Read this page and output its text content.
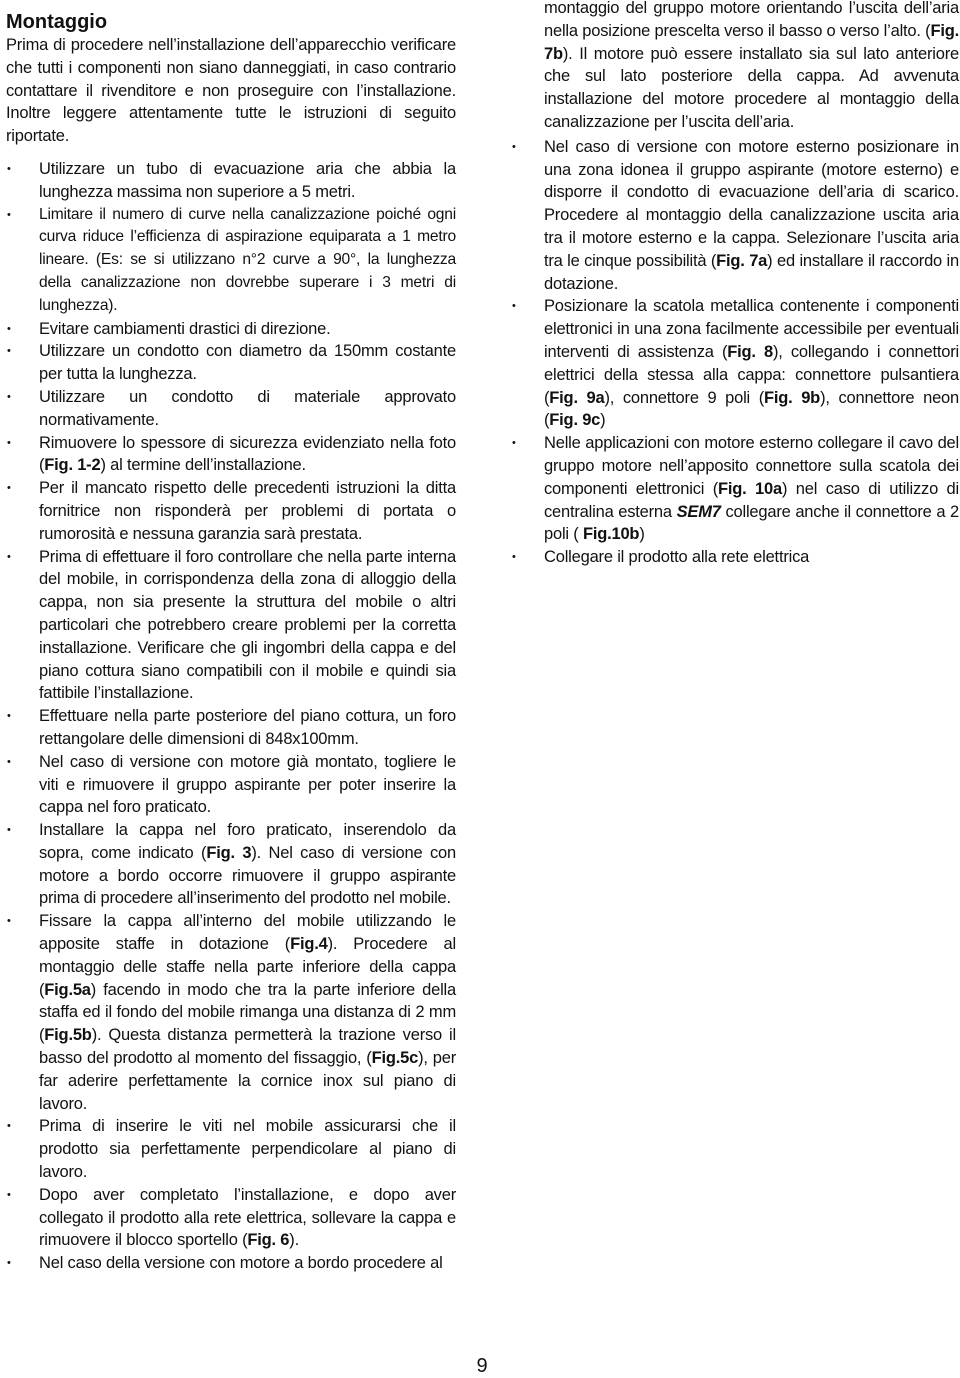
Montaggio

Prima di procedere nell’installazione dell’apparecchio verificare che tutti i componenti non siano danneggiati, in caso contrario contattare il rivenditore e non proseguire con l’installazione. Inoltre leggere attentamente tutte le istruzioni di seguito riportate.

• Utilizzare un tubo di evacuazione aria che abbia la lunghezza massima non superiore a 5 metri.
• Limitare il numero di curve nella canalizzazione poiché ogni curva riduce l’efficienza di aspirazione equiparata a 1 metro lineare. (Es: se si utilizzano n°2 curve a 90°, la lunghezza della canalizzazione non dovrebbe superare i 3 metri di lunghezza).
• Evitare cambiamenti drastici di direzione.
• Utilizzare un condotto con diametro da 150mm costante per tutta la lunghezza.
• Utilizzare un condotto di materiale approvato normativamente.
• Rimuovere lo spessore di sicurezza evidenziato nella foto (Fig. 1-2) al termine dell’installazione.
• Per il mancato rispetto delle precedenti istruzioni la ditta fornitrice non risponderà per problemi di portata o rumorosità e nessuna garanzia sarà prestata.
• Prima di effettuare il foro controllare che nella parte interna del mobile, in corrispondenza della zona di alloggio della cappa, non sia presente la struttura del mobile o altri particolari che potrebbero creare problemi per la corretta installazione. Verificare che gli ingombri della cappa e del piano cottura siano compatibili con il mobile e quindi sia fattibile l’installazione.
• Effettuare nella parte posteriore del piano cottura, un foro rettangolare delle dimensioni di 848x100mm.
• Nel caso di versione con motore già montato, togliere le viti e rimuovere il gruppo aspirante per poter inserire la cappa nel foro praticato.
• Installare la cappa nel foro praticato, inserendolo da sopra, come indicato (Fig. 3). Nel caso di versione con motore a bordo occorre rimuovere il gruppo aspirante prima di procedere all’inserimento del prodotto nel mobile.
• Fissare la cappa all’interno del mobile utilizzando le apposite staffe in dotazione (Fig.4). Procedere al montaggio delle staffe nella parte inferiore della cappa (Fig.5a) facendo in modo che tra la parte inferiore della staffa ed il fondo del mobile rimanga una distanza di 2 mm (Fig.5b). Questa distanza permetterà la trazione verso il basso del prodotto al momento del fissaggio, (Fig.5c), per far aderire perfettamente la cornice inox sul piano di lavoro.
• Prima di inserire le viti nel mobile assicurarsi che il prodotto sia perfettamente perpendicolare al piano di lavoro.
• Dopo aver completato l’installazione, e dopo aver collegato il prodotto alla rete elettrica, sollevare la cappa e rimuovere il blocco sportello (Fig. 6).
• Nel caso della versione con motore a bordo procedere al

montaggio del gruppo motore orientando l’uscita dell’aria nella posizione prescelta verso il basso o verso l’alto. (Fig. 7b). Il motore può essere installato sia sul lato anteriore che sul lato posteriore della cappa. Ad avvenuta installazione del motore procedere al montaggio della canalizzazione per l’uscita dell’aria.

• Nel caso di versione con motore esterno posizionare in una zona idonea il gruppo aspirante (motore esterno) e disporre il condotto di evacuazione dell’aria di scarico. Procedere al montaggio della canalizzazione uscita aria tra il motore esterno e la cappa. Selezionare l’uscita aria tra le cinque possibilità (Fig. 7a) ed installare il raccordo in dotazione.
• Posizionare la scatola metallica contenente i componenti elettronici in una zona facilmente accessibile per eventuali interventi di assistenza (Fig. 8), collegando i connettori elettrici della stessa alla cappa: connettore pulsantiera (Fig. 9a), connettore 9 poli (Fig. 9b), connettore neon (Fig. 9c)
• Nelle applicazioni con motore esterno collegare il cavo del gruppo motore nell’apposito connettore sulla scatola dei componenti elettronici (Fig. 10a) nel caso di utilizzo di centralina esterna SEM7 collegare anche il connettore a 2 poli ( Fig.10b)
• Collegare il prodotto alla rete elettrica
9
